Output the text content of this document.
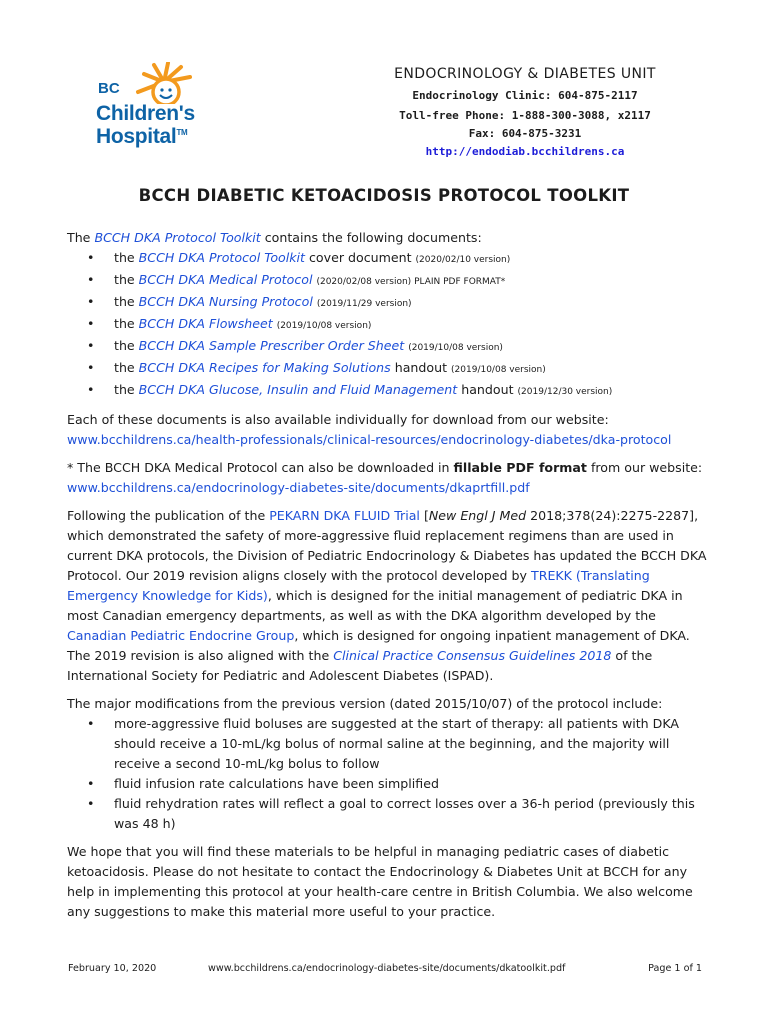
BC
Children's
Hospital™
ENDOCRINOLOGY & DIABETES UNIT
Endocrinology Clinic: 604-875-2117
Toll-free Phone: 1-888-300-3088, x2117
Fax: 604-875-3231
http://endodiab.bcchildrens.ca
BCCH DIABETIC KETOACIDOSIS PROTOCOL TOOLKIT

The BCCH DKA Protocol Toolkit contains the following documents:

• the BCCH DKA Protocol Toolkit cover document (2020/02/10 version)
• the BCCH DKA Medical Protocol (2020/02/08 version) PLAIN PDF FORMAT*
• the BCCH DKA Nursing Protocol (2019/11/29 version)
• the BCCH DKA Flowsheet (2019/10/08 version)
• the BCCH DKA Sample Prescriber Order Sheet (2019/10/08 version)
• the BCCH DKA Recipes for Making Solutions handout (2019/10/08 version)
• the BCCH DKA Glucose, Insulin and Fluid Management handout (2019/12/30 version)

Each of these documents is also available individually for download from our website:
www.bcchildrens.ca/health-professionals/clinical-resources/endocrinology-diabetes/dka-protocol

* The BCCH DKA Medical Protocol can also be downloaded in fillable PDF format from our website:
www.bcchildrens.ca/endocrinology-diabetes-site/documents/dkaprtfill.pdf

Following the publication of the PEKARN DKA FLUID Trial [New Engl J Med 2018;378(24):2275-2287], which demonstrated the safety of more-aggressive fluid replacement regimens than are used in current DKA protocols, the Division of Pediatric Endocrinology & Diabetes has updated the BCCH DKA Protocol. Our 2019 revision aligns closely with the protocol developed by TREKK (Translating Emergency Knowledge for Kids), which is designed for the initial management of pediatric DKA in most Canadian emergency departments, as well as with the DKA algorithm developed by the Canadian Pediatric Endocrine Group, which is designed for ongoing inpatient management of DKA. The 2019 revision is also aligned with the Clinical Practice Consensus Guidelines 2018 of the International Society for Pediatric and Adolescent Diabetes (ISPAD).

The major modifications from the previous version (dated 2015/10/07) of the protocol include:

• more-aggressive fluid boluses are suggested at the start of therapy: all patients with DKA should receive a 10-mL/kg bolus of normal saline at the beginning, and the majority will receive a second 10-mL/kg bolus to follow
• fluid infusion rate calculations have been simplified
• fluid rehydration rates will reflect a goal to correct losses over a 36-h period (previously this was 48 h)

We hope that you will find these materials to be helpful in managing pediatric cases of diabetic ketoacidosis. Please do not hesitate to contact the Endocrinology & Diabetes Unit at BCCH for any help in implementing this protocol at your health-care centre in British Columbia. We also welcome any suggestions to make this material more useful to your practice.

February 10, 2020	www.bcchildrens.ca/endocrinology-diabetes-site/documents/dkatoolkit.pdf	Page 1 of 1
